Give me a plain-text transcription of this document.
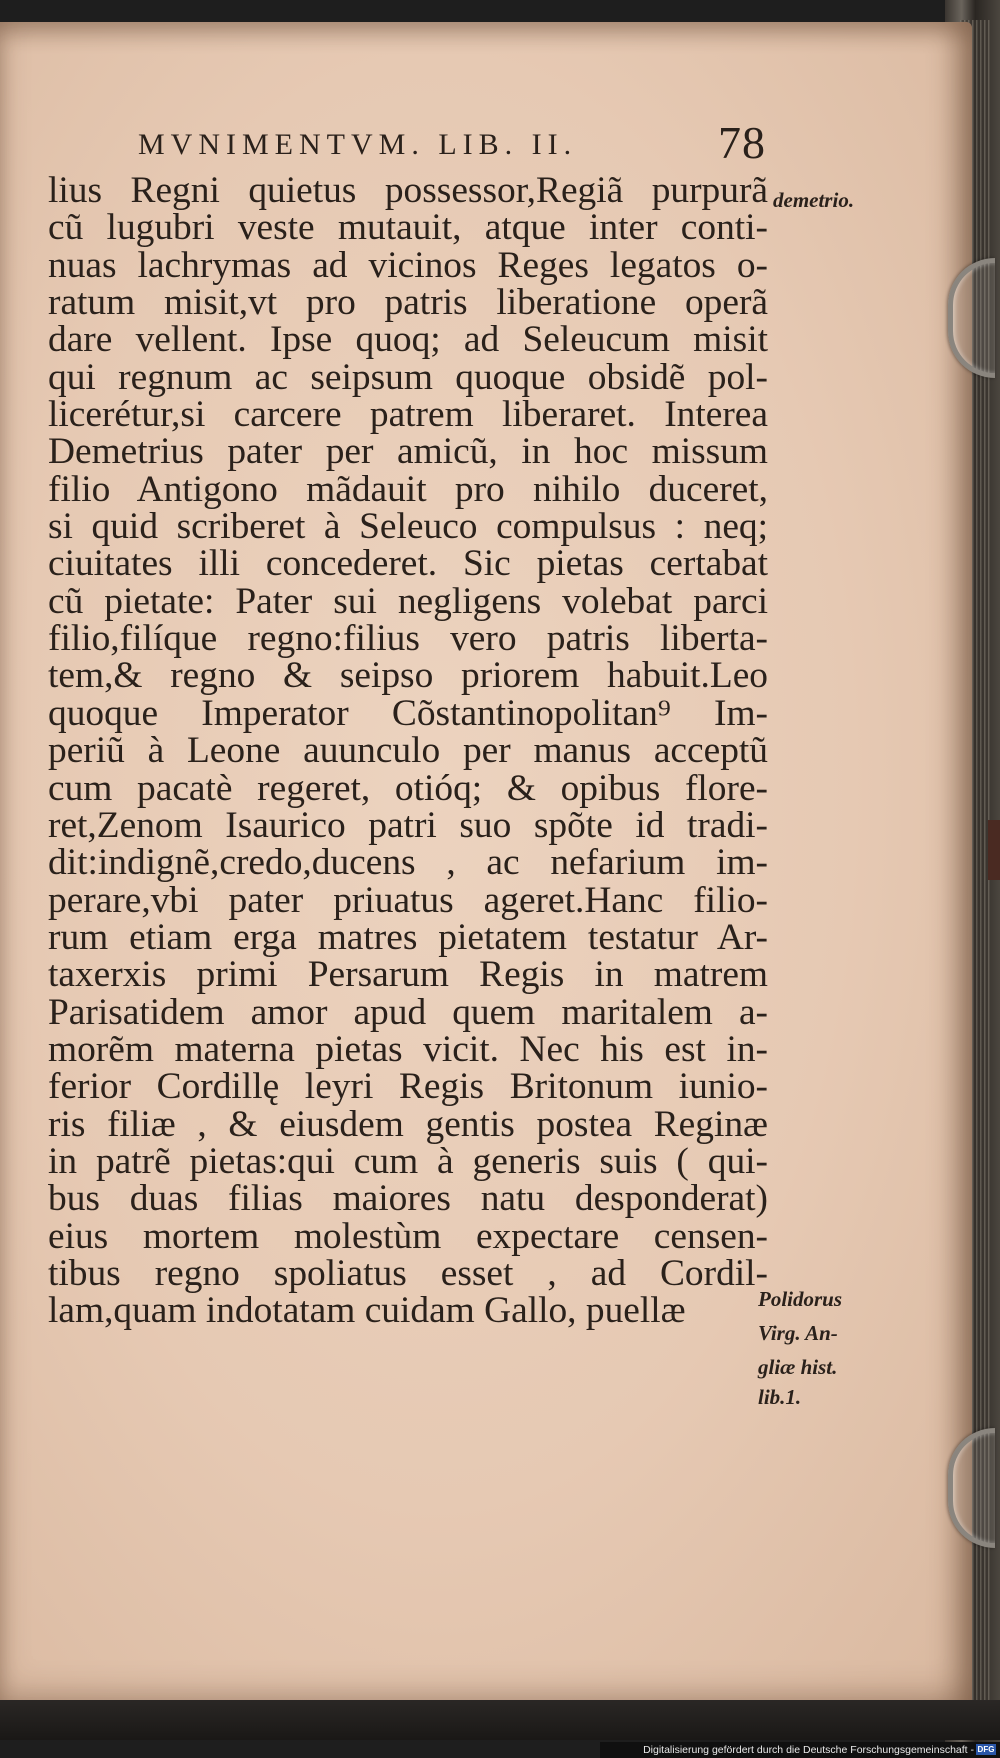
MVNIMENTVM. LIB. II.	78
lius Regni quietus possessor,Regiã purpurã
cũ lugubri veste mutauit, atque inter conti-
nuas lachrymas ad vicinos Reges legatos o-
ratum misit,vt pro patris liberatione operã
dare vellent. Ipse quoq; ad Seleucum misit
qui regnum ac seipsum quoque obsidẽ pol-
licerétur,si carcere patrem liberaret. Interea
Demetrius pater per amicũ, in hoc missum
filio Antigono mãdauit pro nihilo duceret,
si quid scriberet à Seleuco compulsus : neq;
ciuitates illi concederet. Sic pietas certabat
cũ pietate: Pater sui negligens volebat parci
filio,filíque regno:filius vero patris liberta-
tem,& regno & seipso priorem habuit.Leo
quoque Imperator Cõstantinopolitan⁹ Im-
periũ à Leone auunculo per manus acceptũ
cum pacatè regeret, otióq; & opibus flore-
ret,Zenom Isaurico patri suo spõte id tradi-
dit:indignẽ,credo,ducens , ac nefarium im-
perare,vbi pater priuatus ageret.Hanc filio-
rum etiam erga matres pietatem testatur Ar-
taxerxis primi Persarum Regis in matrem
Parisatidem amor apud quem maritalem a-
morẽm materna pietas vicit. Nec his est in-
ferior Cordillę leyri Regis Britonum iunio-
ris filiæ , & eiusdem gentis postea Reginæ
in patrẽ pietas:qui cum à generis suis ( qui-
bus duas filias maiores natu desponderat)
eius mortem molestùm expectare censen-
tibus regno spoliatus esset , ad Cordil-
lam,quam indotatam cuidam Gallo, puellæ
demetrio.
Polidorus
Virg. An-
gliæ hist.
lib.1.
Digitalisierung gefördert durch die Deutsche Forschungsgemeinschaft - DFG
